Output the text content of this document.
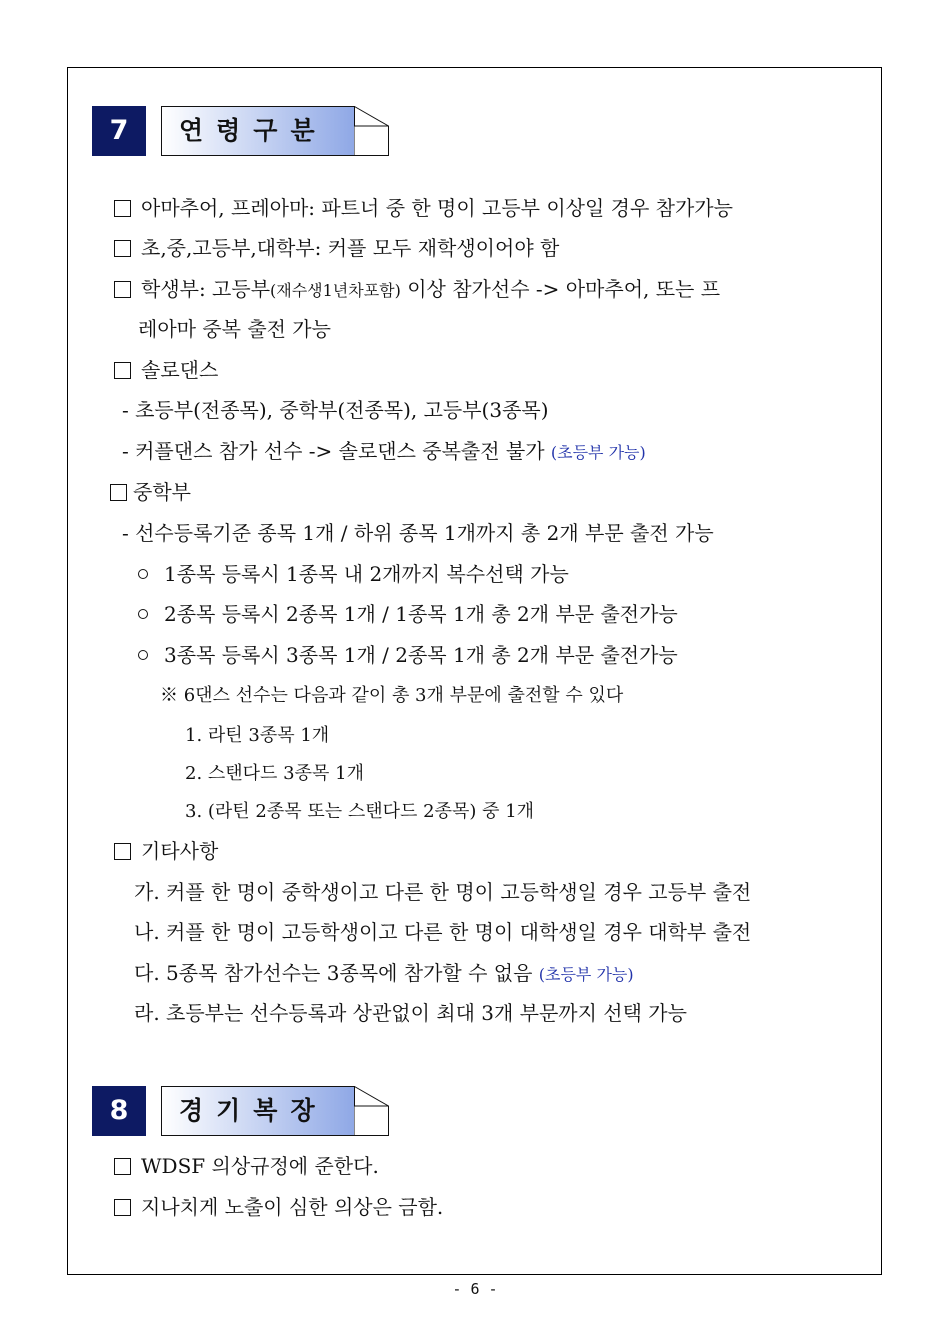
7	연령구분
아마추어, 프레아마: 파트너 중 한 명이 고등부 이상일 경우 참가가능
초,중,고등부,대학부: 커플 모두 재학생이어야 함
학생부: 고등부(재수생1년차포함) 이상 참가선수 -> 아마추어, 또는 프
레아마 중복 출전 가능
솔로댄스
- 초등부(전종목), 중학부(전종목), 고등부(3종목)
- 커플댄스 참가 선수 -> 솔로댄스 중복출전 불가 (초등부 가능)
중학부
- 선수등록기준 종목 1개 / 하위 종목 1개까지 총 2개 부문 출전 가능
1종목 등록시 1종목 내 2개까지 복수선택 가능
2종목 등록시 2종목 1개 / 1종목 1개 총 2개 부문 출전가능
3종목 등록시 3종목 1개 / 2종목 1개 총 2개 부문 출전가능
※ 6댄스 선수는 다음과 같이 총 3개 부문에 출전할 수 있다
1. 라틴 3종목 1개
2. 스탠다드 3종목 1개
3. (라틴 2종목 또는 스탠다드 2종목) 중 1개
기타사항
가. 커플 한 명이 중학생이고 다른 한 명이 고등학생일 경우 고등부 출전
나. 커플 한 명이 고등학생이고 다른 한 명이 대학생일 경우 대학부 출전
다. 5종목 참가선수는 3종목에 참가할 수 없음 (초등부 가능)
라. 초등부는 선수등록과 상관없이 최대 3개 부문까지 선택 가능
8	경기복장
WDSF 의상규정에 준한다.
지나치게 노출이 심한 의상은 금함.
- 6 -
